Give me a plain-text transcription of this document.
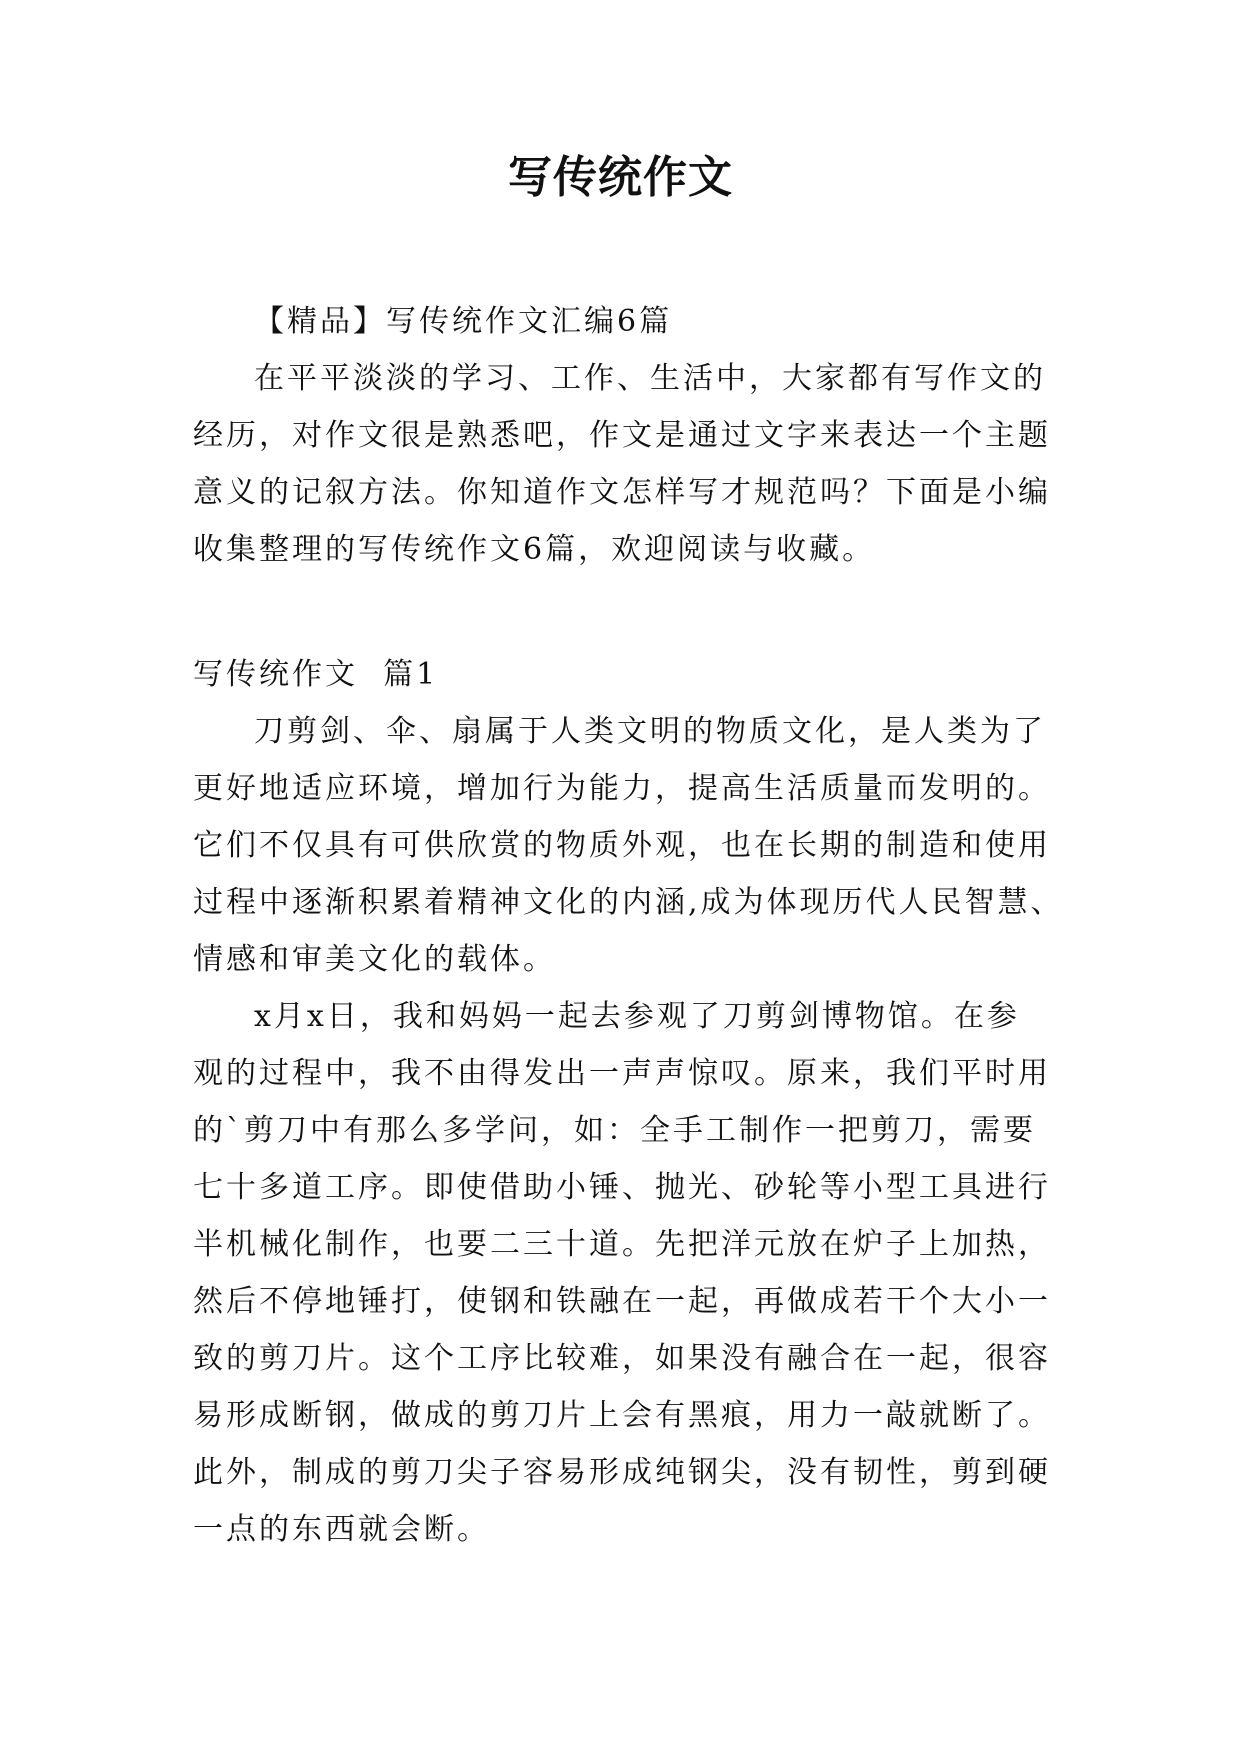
写传统作文
【精品】写传统作文汇编6篇
在平平淡淡的学习、工作、生活中，大家都有写作文的
经历，对作文很是熟悉吧，作文是通过文字来表达一个主题
意义的记叙方法。你知道作文怎样写才规范吗？下面是小编
收集整理的写传统作文6篇，欢迎阅读与收藏。
写传统作文  篇1
刀剪剑、伞、扇属于人类文明的物质文化，是人类为了
更好地适应环境，增加行为能力，提高生活质量而发明的。
它们不仅具有可供欣赏的物质外观，也在长期的制造和使用
过程中逐渐积累着精神文化的内涵,成为体现历代人民智慧、
情感和审美文化的载体。
x月x日，我和妈妈一起去参观了刀剪剑博物馆。在参
观的过程中，我不由得发出一声声惊叹。原来，我们平时用
的`剪刀中有那么多学问，如：全手工制作一把剪刀，需要
七十多道工序。即使借助小锤、抛光、砂轮等小型工具进行
半机械化制作，也要二三十道。先把洋元放在炉子上加热，
然后不停地锤打，使钢和铁融在一起，再做成若干个大小一
致的剪刀片。这个工序比较难，如果没有融合在一起，很容
易形成断钢，做成的剪刀片上会有黑痕，用力一敲就断了。
此外，制成的剪刀尖子容易形成纯钢尖，没有韧性，剪到硬
一点的东西就会断。
